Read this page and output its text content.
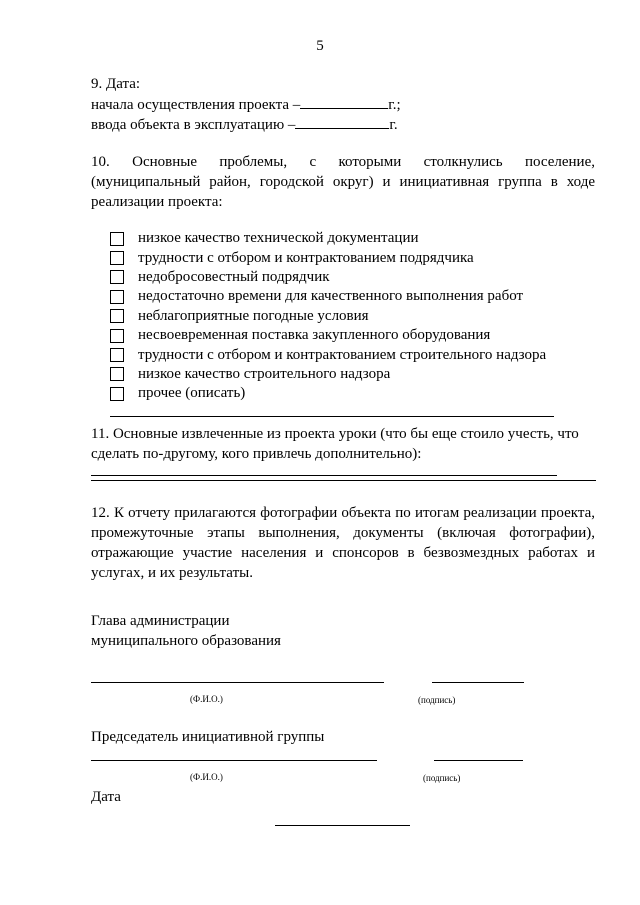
5
9. Дата:
начала осуществления проекта –	г.;
ввода объекта в эксплуатацию –	г.
10. Основные проблемы, с которыми столкнулись поселение,
(муниципальный район, городской округ) и инициативная группа в ходе
реализации проекта:
низкое качество технической документации
трудности с отбором и контрактованием подрядчика
недобросовестный подрядчик
недостаточно времени для качественного выполнения работ
неблагоприятные погодные условия
несвоевременная поставка закупленного оборудования
трудности с отбором и контрактованием строительного надзора
низкое качество строительного надзора
прочее (описать)
11. Основные извлеченные из проекта уроки (что бы еще стоило учесть, что
сделать по-другому, кого привлечь дополнительно):
12. К отчету прилагаются фотографии объекта по итогам реализации проекта,
промежуточные этапы выполнения, документы (включая фотографии),
отражающие участие населения и спонсоров в безвозмездных работах и
услугах, и их результаты.
Глава администрации
муниципального образования
(Ф.И.О.)	(подпись)
Председатель инициативной группы
(Ф.И.О.)	(подпись)
Дата
